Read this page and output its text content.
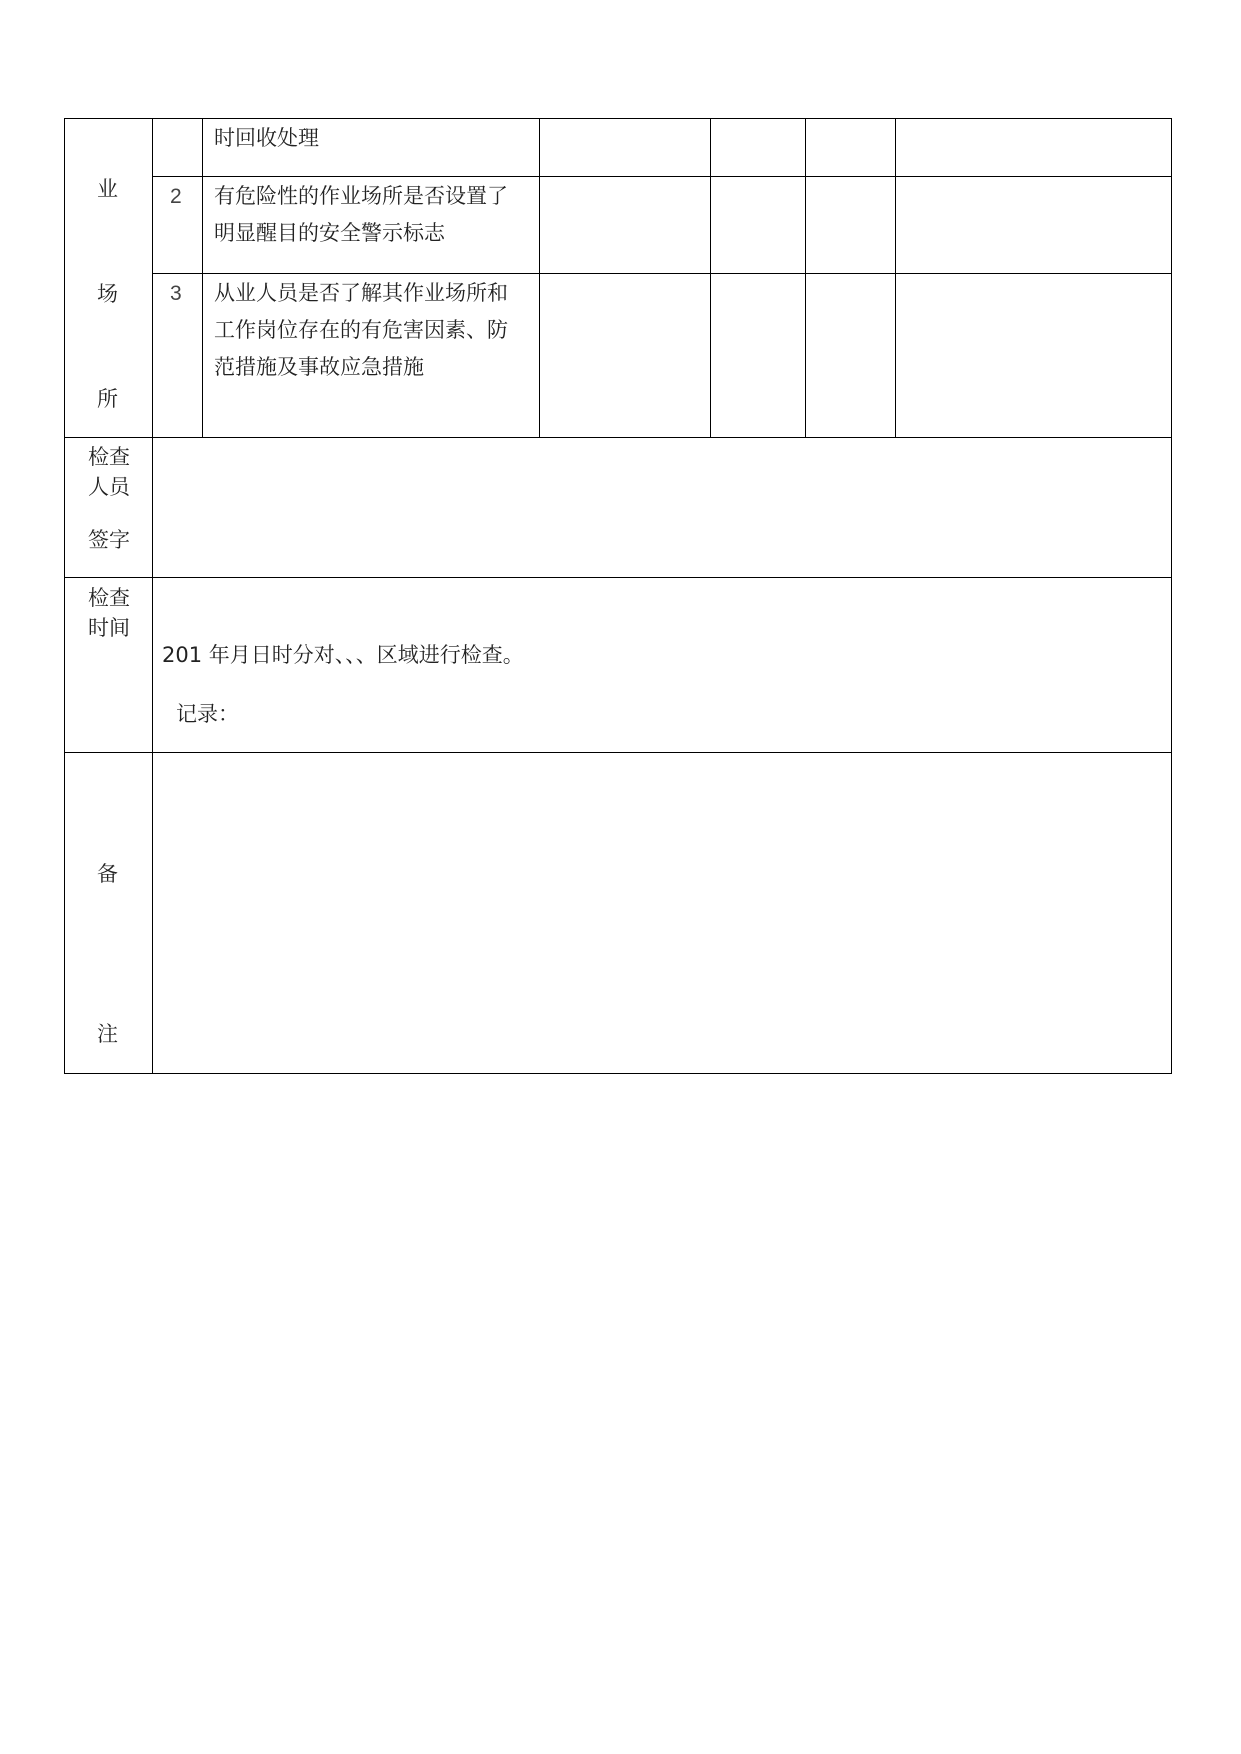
业
场
所
时回收处理
2 有危险性的作业场所是否设置了
明显醒目的安全警示标志
3 从业人员是否了解其作业场所和
工作岗位存在的有危害因素、防
范措施及事故应急措施
检查
人员
签字
检查
时间
201 年月日时分对、、、区域进行检查。
记录：
备
注
